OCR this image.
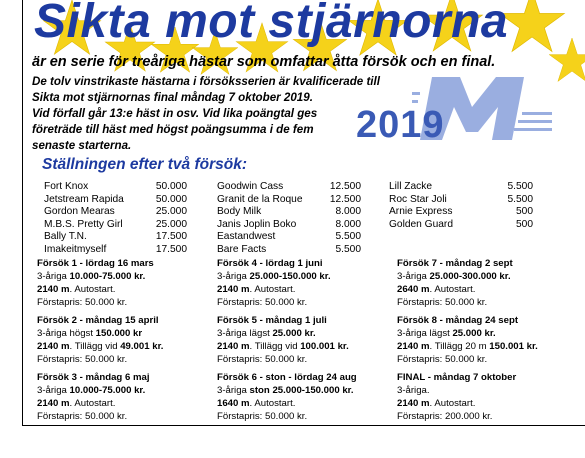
Sikta mot stjärnorna
är en serie för treåriga hästar som omfattar åtta försök och en final.
2019
De tolv vinstrikaste hästarna i försöksserien är kvalificerade till
Sikta mot stjärnornas final måndag 7 oktober 2019.
Vid förfall går 13:e häst in osv. Vid lika poängtal ges
företräde till häst med högst poängsumma i de fem
senaste starterna.
Ställningen efter två försök:
Fort Knox	50.000
Jetstream Rapida	50.000
Gordon Mearas	25.000
M.B.S. Pretty Girl	25.000
Bally T.N.	17.500
Imakeitmyself	17.500
Goodwin Cass	12.500
Granit de la Roque	12.500
Body Milk	8.000
Janis Joplin Boko	8.000
Eastandwest	5.500
Bare Facts	5.500
Lill Zacke	5.500
Roc Star Joli	5.500
Arnie Express	500
Golden Guard	500
Försök 1 - lördag 16 mars
3-åriga 10.000-75.000 kr.
2140 m. Autostart.
Förstapris: 50.000 kr.
Försök 4 - lördag 1 juni
3-åriga 25.000-150.000 kr.
2140 m. Autostart.
Förstapris: 50.000 kr.
Försök 7 - måndag 2 sept
3-åriga 25.000-300.000 kr.
2640 m. Autostart.
Förstapris: 50.000 kr.
Försök 2 - måndag 15 april
3-åriga högst 150.000 kr
2140 m. Tillägg vid 49.001 kr.
Förstapris: 50.000 kr.
Försök 5 - måndag 1 juli
3-åriga lägst 25.000 kr.
2140 m. Tillägg vid 100.001 kr.
Förstapris: 50.000 kr.
Försök 8 - måndag 24 sept
3-åriga lägst 25.000 kr.
2140 m. Tillägg 20 m 150.001 kr.
Förstapris: 50.000 kr.
Försök 3 - måndag 6 maj
3-åriga 10.000-75.000 kr.
2140 m. Autostart.
Förstapris: 50.000 kr.
Försök 6 - ston - lördag 24 aug
3-åriga ston 25.000-150.000 kr.
1640 m. Autostart.
Förstapris: 50.000 kr.
FINAL - måndag 7 oktober
3-åriga.
2140 m. Autostart.
Förstapris: 200.000 kr.
